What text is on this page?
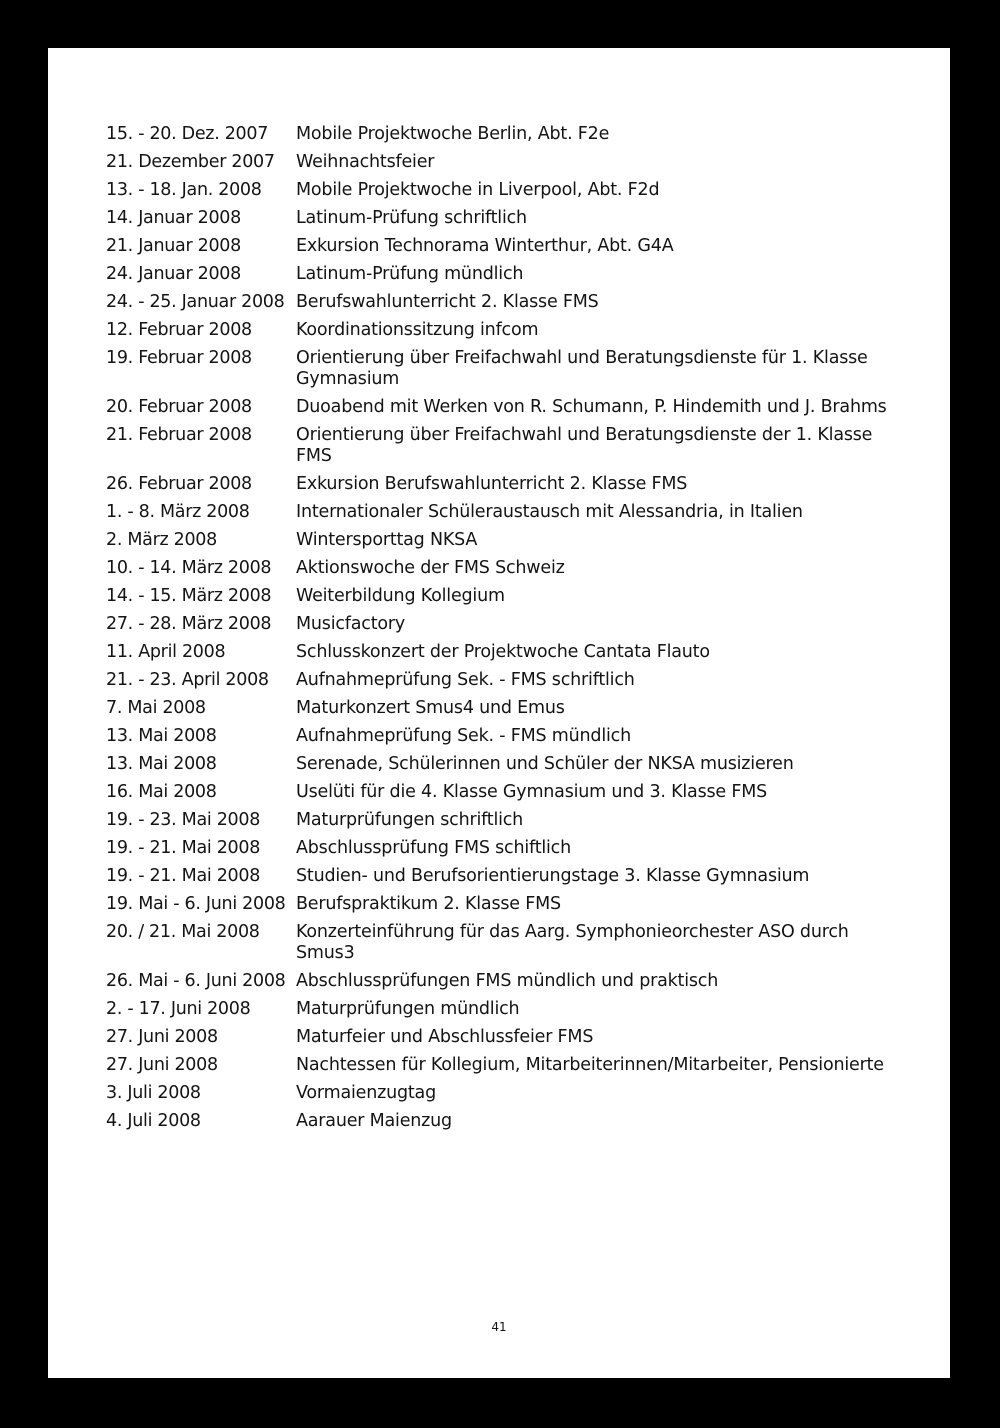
15. - 20. Dez. 2007	Mobile Projektwoche Berlin, Abt. F2e
21. Dezember 2007	Weihnachtsfeier
13. - 18. Jan. 2008	Mobile Projektwoche in Liverpool, Abt. F2d
14. Januar 2008	Latinum-Prüfung schriftlich
21. Januar 2008	Exkursion Technorama Winterthur, Abt. G4A
24. Januar 2008	Latinum-Prüfung mündlich
24. - 25. Januar 2008 Berufswahlunterricht 2. Klasse FMS
12. Februar 2008	Koordinationssitzung infcom
19. Februar 2008	Orientierung über Freifachwahl und Beratungsdienste für 1. Klasse Gymnasium
20. Februar 2008	Duoabend mit Werken von R. Schumann, P. Hindemith und J. Brahms
21. Februar 2008	Orientierung über Freifachwahl und Beratungsdienste der 1. Klasse FMS
26. Februar 2008	Exkursion Berufswahlunterricht 2. Klasse FMS
1. - 8. März 2008	Internationaler Schüleraustausch mit Alessandria, in Italien
2. März 2008	Wintersporttag NKSA
10. - 14. März 2008	Aktionswoche der FMS Schweiz
14. - 15. März 2008	Weiterbildung Kollegium
27. - 28. März 2008	Musicfactory
11. April 2008	Schlusskonzert der Projektwoche Cantata Flauto
21. - 23. April 2008	Aufnahmeprüfung Sek. - FMS schriftlich
7. Mai 2008	Maturkonzert Smus4 und Emus
13. Mai 2008	Aufnahmeprüfung Sek. - FMS mündlich
13. Mai 2008	Serenade, Schülerinnen und Schüler der NKSA musizieren
16. Mai 2008	Uselüti für die 4. Klasse Gymnasium und 3. Klasse FMS
19. - 23. Mai 2008	Maturprüfungen schriftlich
19. - 21. Mai 2008	Abschlussprüfung FMS schiftlich
19. - 21. Mai 2008	Studien- und Berufsorientierungstage 3. Klasse Gymnasium
19. Mai - 6. Juni 2008 Berufspraktikum 2. Klasse FMS
20. / 21. Mai 2008	Konzerteinführung für das Aarg. Symphonieorchester ASO durch Smus3
26. Mai - 6. Juni 2008 Abschlussprüfungen FMS mündlich und praktisch
2. - 17. Juni 2008	Maturprüfungen mündlich
27. Juni 2008	Maturfeier und Abschlussfeier FMS
27. Juni 2008	Nachtessen für Kollegium, Mitarbeiterinnen/Mitarbeiter, Pensionierte
3. Juli 2008	Vormaienzugtag
4. Juli 2008	Aarauer Maienzug
41
